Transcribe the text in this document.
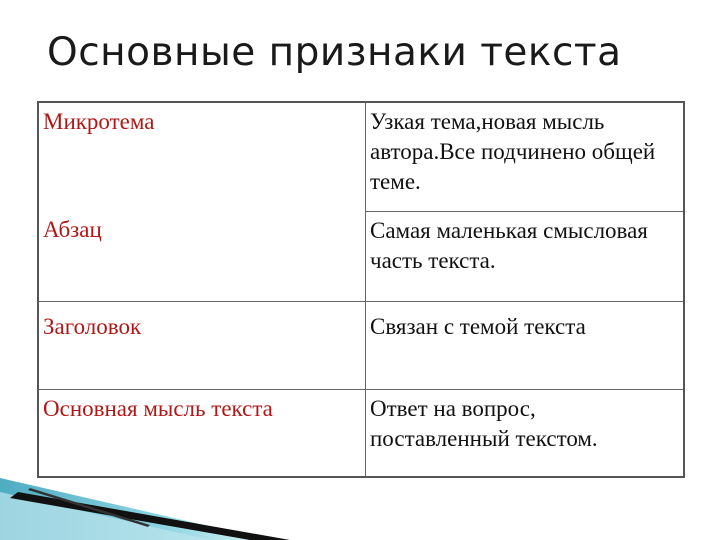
Основные признаки текста
Микротема	Узкая тема,новая мысль автора.Все подчинено общей теме.
Абзац	Самая маленькая смысловая часть текста.
Заголовок	Связан с темой текста
Основная мысль текста	Ответ на вопрос, поставленный текстом.
